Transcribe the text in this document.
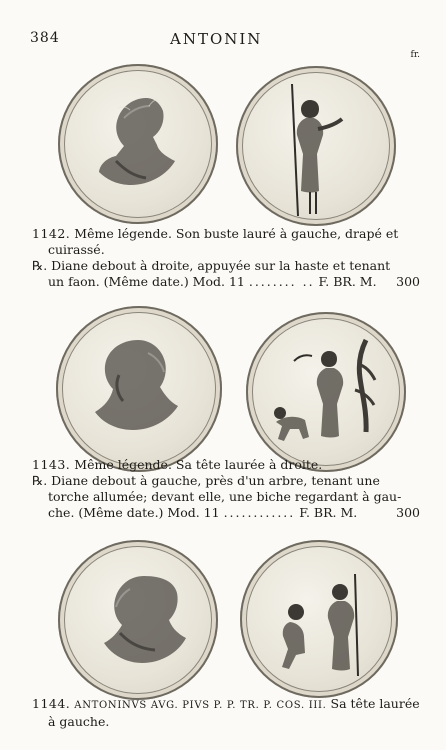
384	ANTONIN
fr.

1142. Même légende. Son buste lauré à gauche, drapé et

cuirassé.

℞. Diane debout à droite, appuyée sur la haste et tenant

un faon. (Même date.) Mod. 11 ........ .. F. BR. M. 300

1143. Même légende. Sa tête laurée à droite.

℞. Diane debout à gauche, près d'un arbre, tenant une

torche allumée; devant elle, une biche regardant à gau-

che. (Même date.) Mod. 11 ............ F. BR. M.	300

1144. ANTONINVS AVG. PIVS P. P. TR. P. COS. III. Sa tête laurée

à gauche.
